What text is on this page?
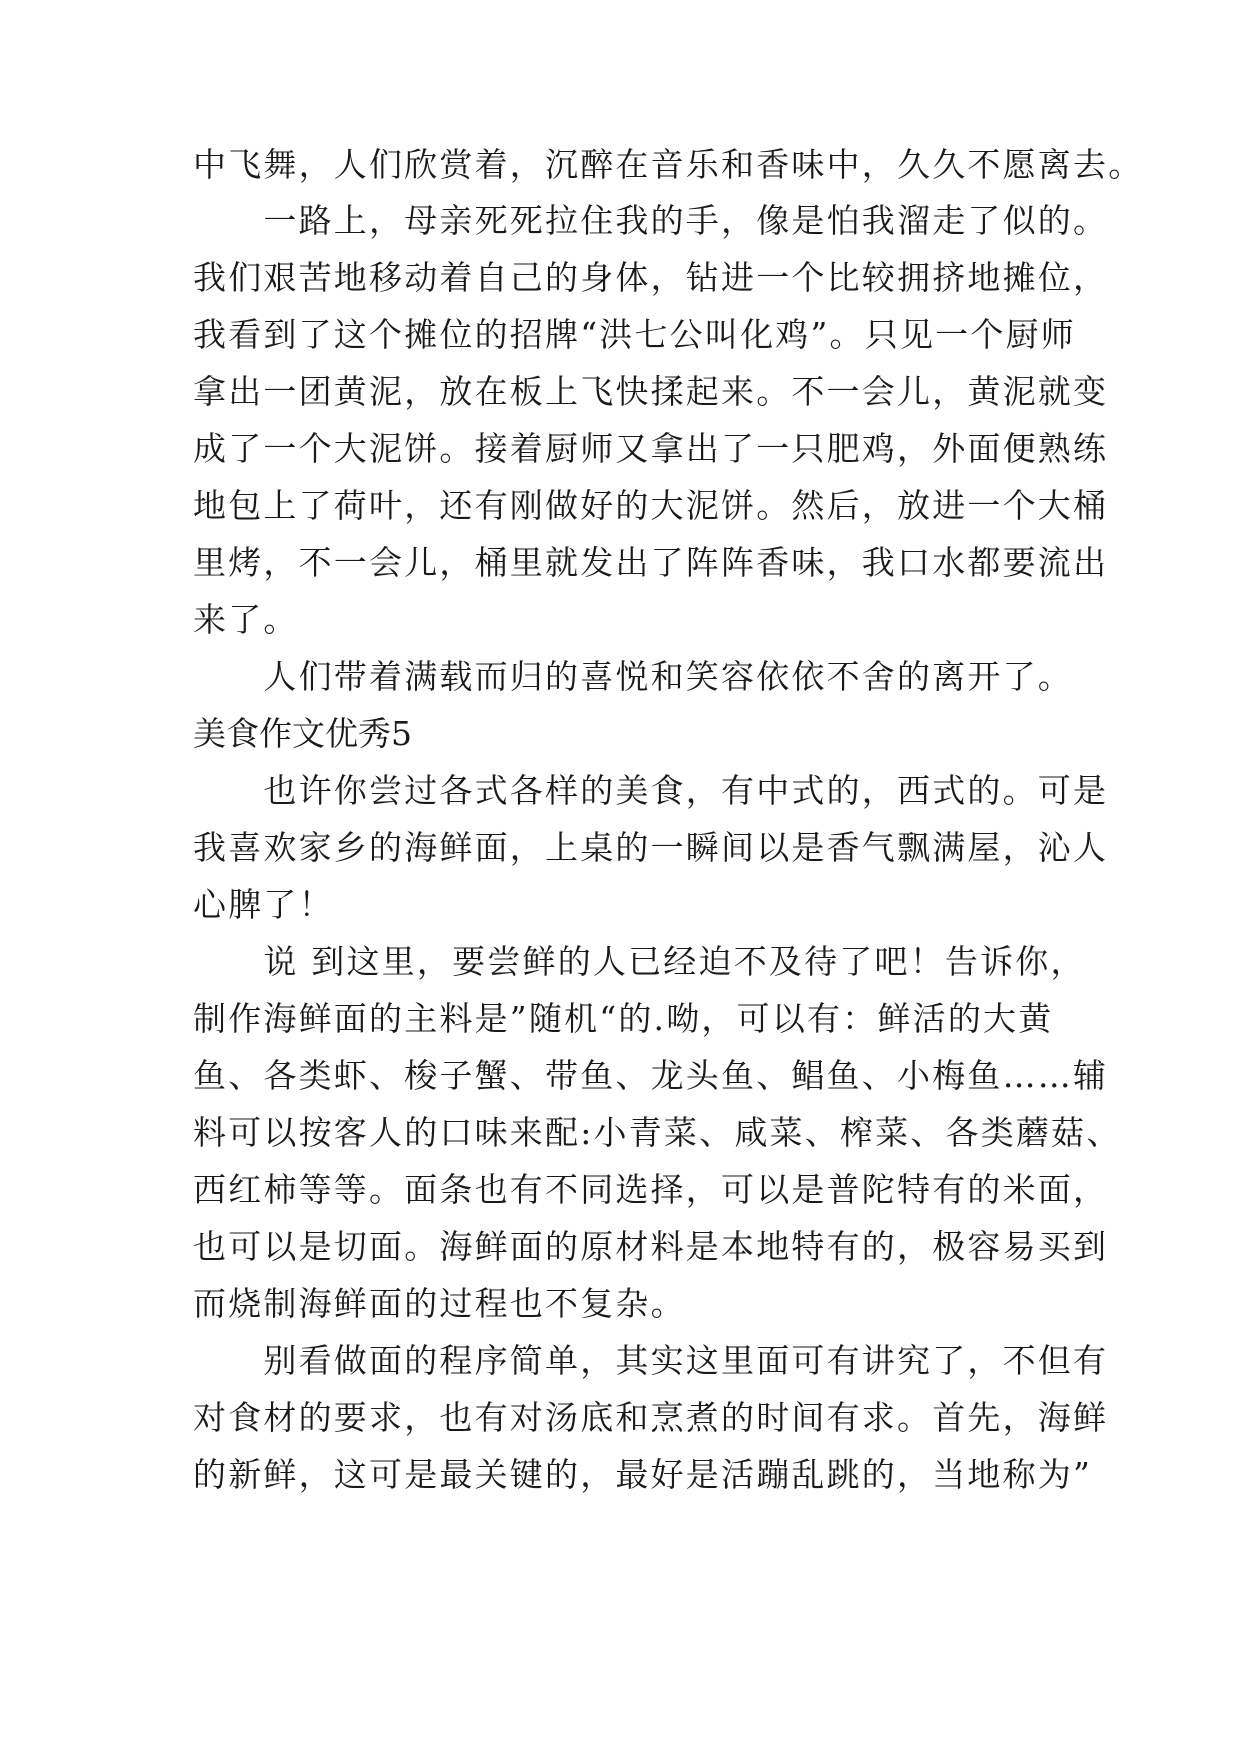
中飞舞，人们欣赏着，沉醉在音乐和香味中，久久不愿离去。
　　一路上，母亲死死拉住我的手，像是怕我溜走了似的。
我们艰苦地移动着自己的身体，钻进一个比较拥挤地摊位，
我看到了这个摊位的招牌“洪七公叫化鸡”。只见一个厨师
拿出一团黄泥，放在板上飞快揉起来。不一会儿，黄泥就变
成了一个大泥饼。接着厨师又拿出了一只肥鸡，外面便熟练
地包上了荷叶，还有刚做好的大泥饼。然后，放进一个大桶
里烤，不一会儿，桶里就发出了阵阵香味，我口水都要流出
来了。
　　人们带着满载而归的喜悦和笑容依依不舍的离开了。
美食作文优秀5
　　也许你尝过各式各样的美食，有中式的，西式的。可是
我喜欢家乡的海鲜面，上桌的一瞬间以是香气飘满屋，沁人
心脾了！
　　说 到这里，要尝鲜的人已经迫不及待了吧！告诉你，
制作海鲜面的主料是”随机“的.呦，可以有：鲜活的大黄
鱼、各类虾、梭子蟹、带鱼、龙头鱼、鲳鱼、小梅鱼……辅
料可以按客人的口味来配:小青菜、咸菜、榨菜、各类蘑菇、
西红柿等等。面条也有不同选择，可以是普陀特有的米面，
也可以是切面。海鲜面的原材料是本地特有的，极容易买到
而烧制海鲜面的过程也不复杂。
　　别看做面的程序简单，其实这里面可有讲究了，不但有
对食材的要求，也有对汤底和烹煮的时间有求。首先，海鲜
的新鲜，这可是最关键的，最好是活蹦乱跳的，当地称为”
